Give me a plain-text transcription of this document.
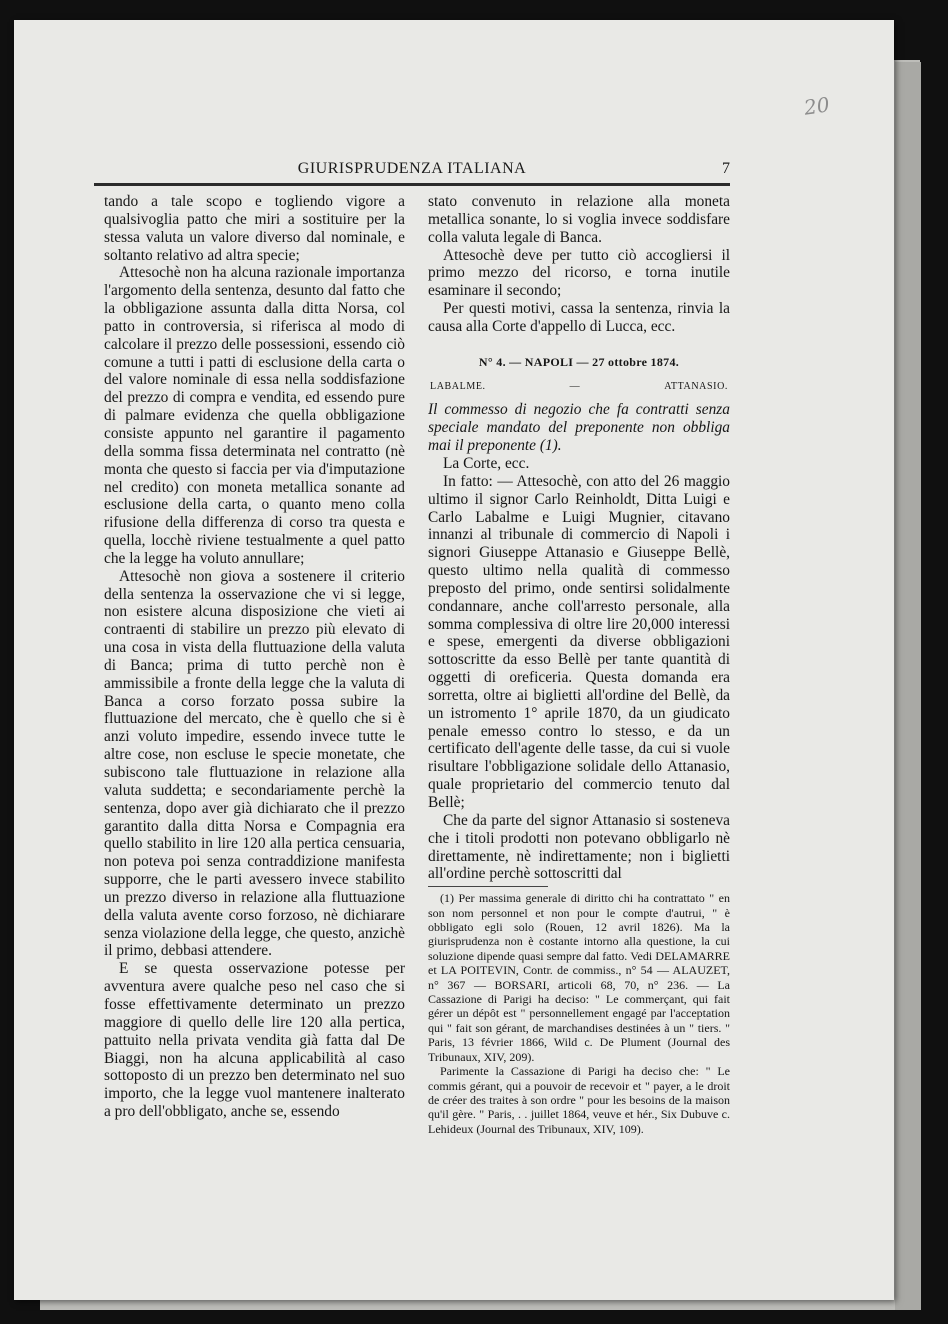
20
GIURISPRUDENZA ITALIANA	7

tando a tale scopo e togliendo vigore a qualsivoglia patto che miri a sostituire per la stessa valuta un valore diverso dal nominale, e soltanto relativo ad altra specie;

Attesochè non ha alcuna razionale importanza l'argomento della sentenza, desunto dal fatto che la obbligazione assunta dalla ditta Norsa, col patto in controversia, si riferisca al modo di calcolare il prezzo delle possessioni, essendo ciò comune a tutti i patti di esclusione della carta o del valore nominale di essa nella soddisfazione del prezzo di compra e vendita, ed essendo pure di palmare evidenza che quella obbligazione consiste appunto nel garantire il pagamento della somma fissa determinata nel contratto (nè monta che questo si faccia per via d'imputazione nel credito) con moneta metallica sonante ad esclusione della carta, o quanto meno colla rifusione della differenza di corso tra questa e quella, locchè riviene testualmente a quel patto che la legge ha voluto annullare;

Attesochè non giova a sostenere il criterio della sentenza la osservazione che vi si legge, non esistere alcuna disposizione che vieti ai contraenti di stabilire un prezzo più elevato di una cosa in vista della fluttuazione della valuta di Banca; prima di tutto perchè non è ammissibile a fronte della legge che la valuta di Banca a corso forzato possa subire la fluttuazione del mercato, che è quello che si è anzi voluto impedire, essendo invece tutte le altre cose, non escluse le specie monetate, che subiscono tale fluttuazione in relazione alla valuta suddetta; e secondariamente perchè la sentenza, dopo aver già dichiarato che il prezzo garantito dalla ditta Norsa e Compagnia era quello stabilito in lire 120 alla pertica censuaria, non poteva poi senza contraddizione manifesta supporre, che le parti avessero invece stabilito un prezzo diverso in relazione alla fluttuazione della valuta avente corso forzoso, nè dichiarare senza violazione della legge, che questo, anzichè il primo, debbasi attendere.

E se questa osservazione potesse per avventura avere qualche peso nel caso che si fosse effettivamente determinato un prezzo maggiore di quello delle lire 120 alla pertica, pattuito nella privata vendita già fatta dal De Biaggi, non ha alcuna applicabilità al caso sottoposto di un prezzo ben determinato nel suo importo, che la legge vuol mantenere inalterato a pro dell'obbligato, anche se, essendo

stato convenuto in relazione alla moneta metallica sonante, lo si voglia invece soddisfare colla valuta legale di Banca.

Attesochè deve per tutto ciò accogliersi il primo mezzo del ricorso, e torna inutile esaminare il secondo;

Per questi motivi, cassa la sentenza, rinvia la causa alla Corte d'appello di Lucca, ecc.

N° 4. — NAPOLI — 27 ottobre 1874.
LABALME.	—	ATTANASIO.

Il commesso di negozio che fa contratti senza speciale mandato del preponente non obbliga mai il preponente (1).

La Corte, ecc.

In fatto: — Attesochè, con atto del 26 maggio ultimo il signor Carlo Reinholdt, Ditta Luigi e Carlo Labalme e Luigi Mugnier, citavano innanzi al tribunale di commercio di Napoli i signori Giuseppe Attanasio e Giuseppe Bellè, questo ultimo nella qualità di commesso preposto del primo, onde sentirsi solidalmente condannare, anche coll'arresto personale, alla somma complessiva di oltre lire 20,000 interessi e spese, emergenti da diverse obbligazioni sottoscritte da esso Bellè per tante quantità di oggetti di oreficeria. Questa domanda era sorretta, oltre ai biglietti all'ordine del Bellè, da un istromento 1° aprile 1870, da un giudicato penale emesso contro lo stesso, e da un certificato dell'agente delle tasse, da cui si vuole risultare l'obbligazione solidale dello Attanasio, quale proprietario del commercio tenuto dal Bellè;

Che da parte del signor Attanasio si sosteneva che i titoli prodotti non potevano obbligarlo nè direttamente, nè indirettamente; non i biglietti all'ordine perchè sottoscritti dal

(1) Per massima generale di diritto chi ha contrattato " en son nom personnel et non pour le compte d'autrui, " è obbligato egli solo (Rouen, 12 avril 1826). Ma la giurisprudenza non è costante intorno alla questione, la cui soluzione dipende quasi sempre dal fatto. Vedi DELAMARRE et LA POITEVIN, Contr. de commiss., n° 54 — ALAUZET, n° 367 — BORSARI, articoli 68, 70, n° 236. — La Cassazione di Parigi ha deciso: " Le commerçant, qui fait gérer un dépôt est " personnellement engagé par l'acceptation qui " fait son gérant, de marchandises destinées à un " tiers. " Paris, 13 février 1866, Wild c. De Plument (Journal des Tribunaux, XIV, 209).

Parimente la Cassazione di Parigi ha deciso che: " Le commis gérant, qui a pouvoir de recevoir et " payer, a le droit de créer des traites à son ordre " pour les besoins de la maison qu'il gère. " Paris, . . juillet 1864, veuve et hér., Six Dubuve c. Lehideux (Journal des Tribunaux, XIV, 109).
